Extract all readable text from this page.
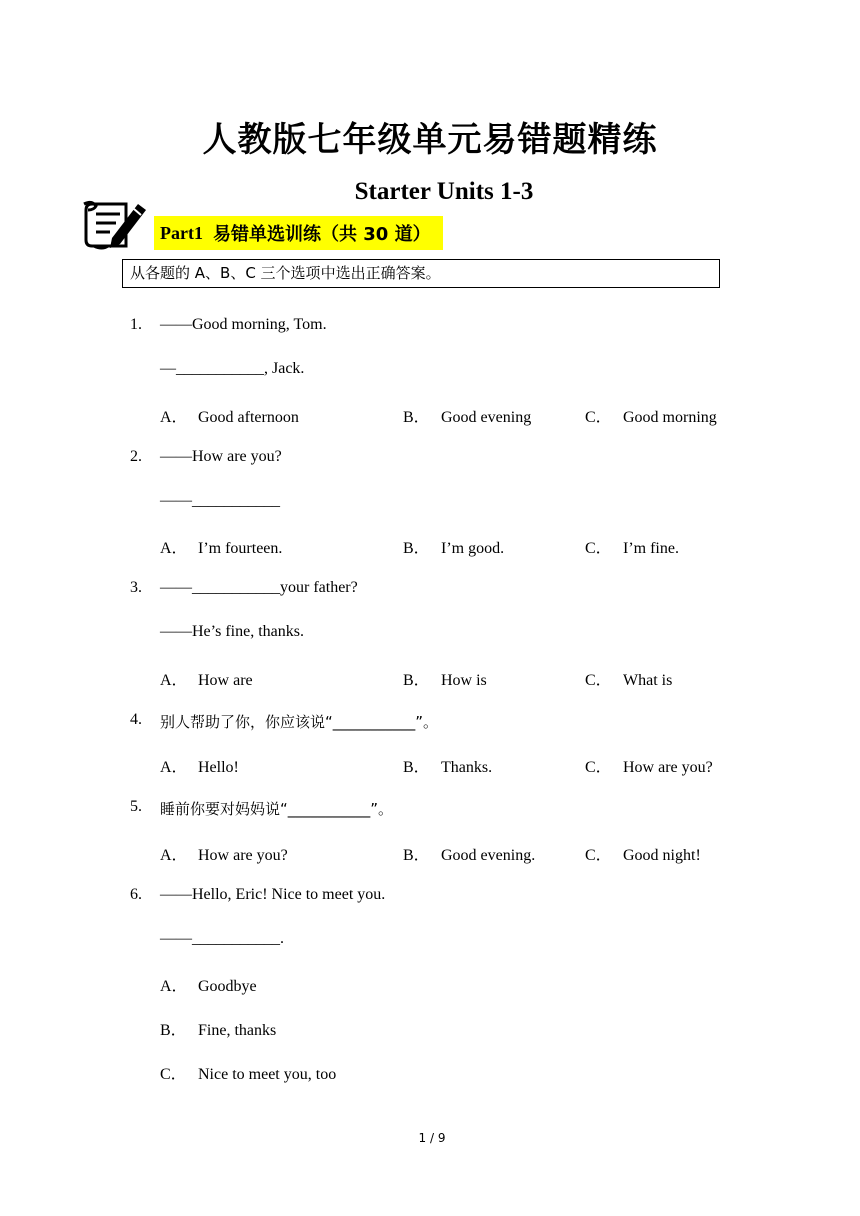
人教版七年级单元易错题精练
Starter Units 1-3
Part1 易错单选训练（共 30 道）
从各题的 A、B、C 三个选项中选出正确答案。
1. ——Good morning, Tom.
—___________, Jack.
A． Good afternoon	B． Good evening	C． Good morning
2. ——How are you?
——___________
A． I’m fourteen.	B． I’m good.	C． I’m fine.
3. ——___________your father?
——He’s fine, thanks.
A． How are	B． How is	C． What is
4. 别人帮助了你，你应该说“___________”。
A． Hello!	B． Thanks.	C． How are you?
5. 睡前你要对妈妈说“___________”。
A． How are you?	B． Good evening.	C． Good night!
6. ——Hello, Eric! Nice to meet you.
——___________.
A． Goodbye
B． Fine, thanks
C． Nice to meet you, too
1 / 9
